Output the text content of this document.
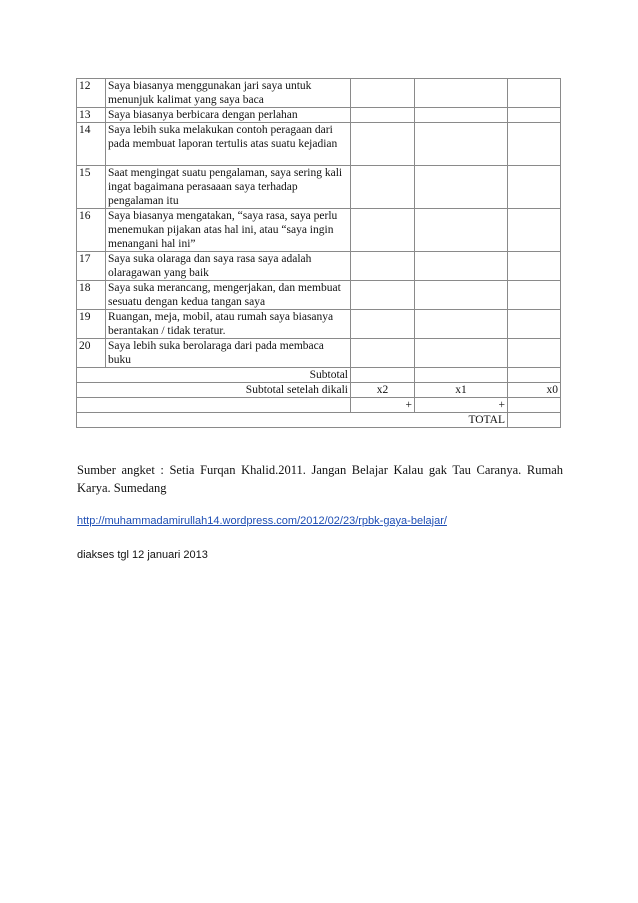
12	Saya biasanya menggunakan jari saya untuk menunjuk kalimat yang saya baca			
13	Saya biasanya berbicara dengan perlahan			
14	Saya lebih suka melakukan contoh peragaan dari pada membuat laporan tertulis atas suatu kejadian			
15	Saat mengingat suatu pengalaman, saya sering kali ingat bagaimana perasaaan saya terhadap pengalaman itu			
16	Saya biasanya mengatakan, “saya rasa, saya perlu menemukan pijakan atas hal ini, atau “saya ingin menangani hal ini”			
17	Saya suka olaraga dan saya rasa saya adalah olaragawan yang baik			
18	Saya suka merancang, mengerjakan, dan membuat sesuatu dengan kedua tangan saya			
19	Ruangan, meja, mobil, atau rumah saya biasanya berantakan / tidak teratur.			
20	Saya lebih suka berolaraga dari pada membaca buku			
Subtotal				
Subtotal setelah dikali		x2	x1	x0
		+	+	
TOTAL				

Sumber angket : Setia Furqan Khalid.2011. Jangan Belajar Kalau gak Tau Caranya. Rumah Karya. Sumedang

http://muhammadamirullah14.wordpress.com/2012/02/23/rpbk-gaya-belajar/

diakses tgl 12 januari 2013
